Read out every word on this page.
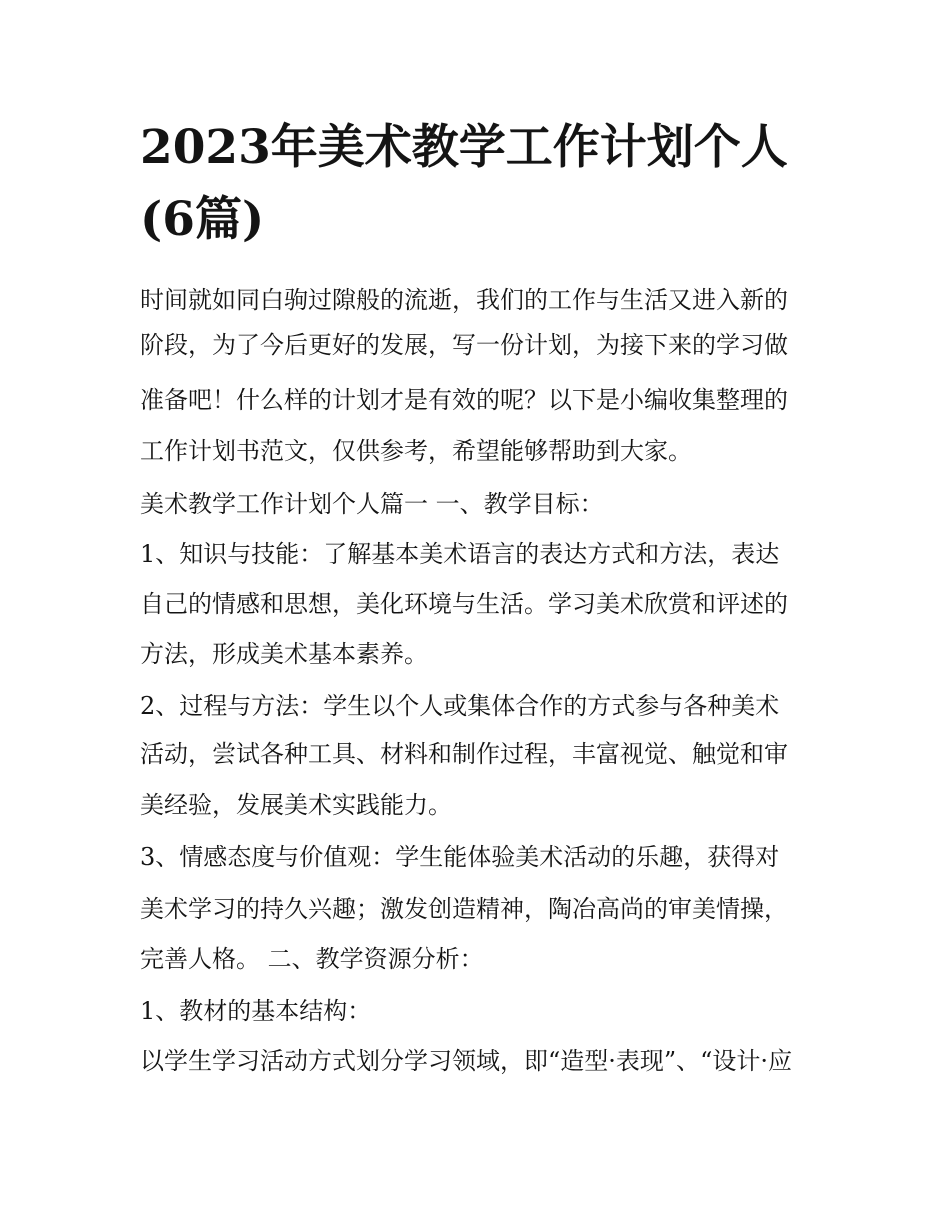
2023年美术教学工作计划个人
(6篇)

时间就如同白驹过隙般的流逝，我们的工作与生活又进入新的

阶段，为了今后更好的发展，写一份计划，为接下来的学习做

准备吧！什么样的计划才是有效的呢？以下是小编收集整理的

工作计划书范文，仅供参考，希望能够帮助到大家。

美术教学工作计划个人篇一 一、教学目标：

1、知识与技能：了解基本美术语言的表达方式和方法，表达

自己的情感和思想，美化环境与生活。学习美术欣赏和评述的

方法，形成美术基本素养。

2、过程与方法：学生以个人或集体合作的方式参与各种美术

活动，尝试各种工具、材料和制作过程，丰富视觉、触觉和审

美经验，发展美术实践能力。

3、情感态度与价值观：学生能体验美术活动的乐趣，获得对

美术学习的持久兴趣；激发创造精神，陶冶高尚的审美情操，

完善人格。 二、教学资源分析：

1、教材的基本结构：

以学生学习活动方式划分学习领域，即“造型·表现”、“设计·应
